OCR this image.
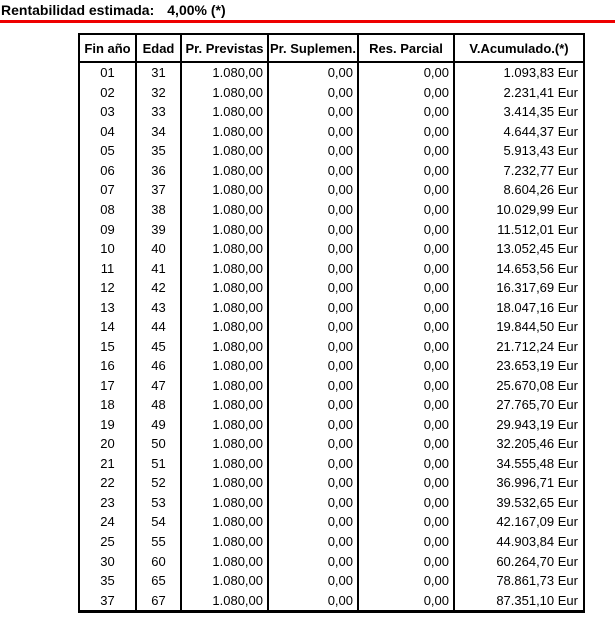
Rentabilidad estimada: 4,00% (*)
Fin año	Edad	Pr. Previstas	Pr. Suplemen.	Res. Parcial	V.Acumulado.(*)
01	31	1.080,00	0,00	0,00	1.093,83 Eur
02	32	1.080,00	0,00	0,00	2.231,41 Eur
03	33	1.080,00	0,00	0,00	3.414,35 Eur
04	34	1.080,00	0,00	0,00	4.644,37 Eur
05	35	1.080,00	0,00	0,00	5.913,43 Eur
06	36	1.080,00	0,00	0,00	7.232,77 Eur
07	37	1.080,00	0,00	0,00	8.604,26 Eur
08	38	1.080,00	0,00	0,00	10.029,99 Eur
09	39	1.080,00	0,00	0,00	11.512,01 Eur
10	40	1.080,00	0,00	0,00	13.052,45 Eur
11	41	1.080,00	0,00	0,00	14.653,56 Eur
12	42	1.080,00	0,00	0,00	16.317,69 Eur
13	43	1.080,00	0,00	0,00	18.047,16 Eur
14	44	1.080,00	0,00	0,00	19.844,50 Eur
15	45	1.080,00	0,00	0,00	21.712,24 Eur
16	46	1.080,00	0,00	0,00	23.653,19 Eur
17	47	1.080,00	0,00	0,00	25.670,08 Eur
18	48	1.080,00	0,00	0,00	27.765,70 Eur
19	49	1.080,00	0,00	0,00	29.943,19 Eur
20	50	1.080,00	0,00	0,00	32.205,46 Eur
21	51	1.080,00	0,00	0,00	34.555,48 Eur
22	52	1.080,00	0,00	0,00	36.996,71 Eur
23	53	1.080,00	0,00	0,00	39.532,65 Eur
24	54	1.080,00	0,00	0,00	42.167,09 Eur
25	55	1.080,00	0,00	0,00	44.903,84 Eur
30	60	1.080,00	0,00	0,00	60.264,70 Eur
35	65	1.080,00	0,00	0,00	78.861,73 Eur
37	67	1.080,00	0,00	0,00	87.351,10 Eur
